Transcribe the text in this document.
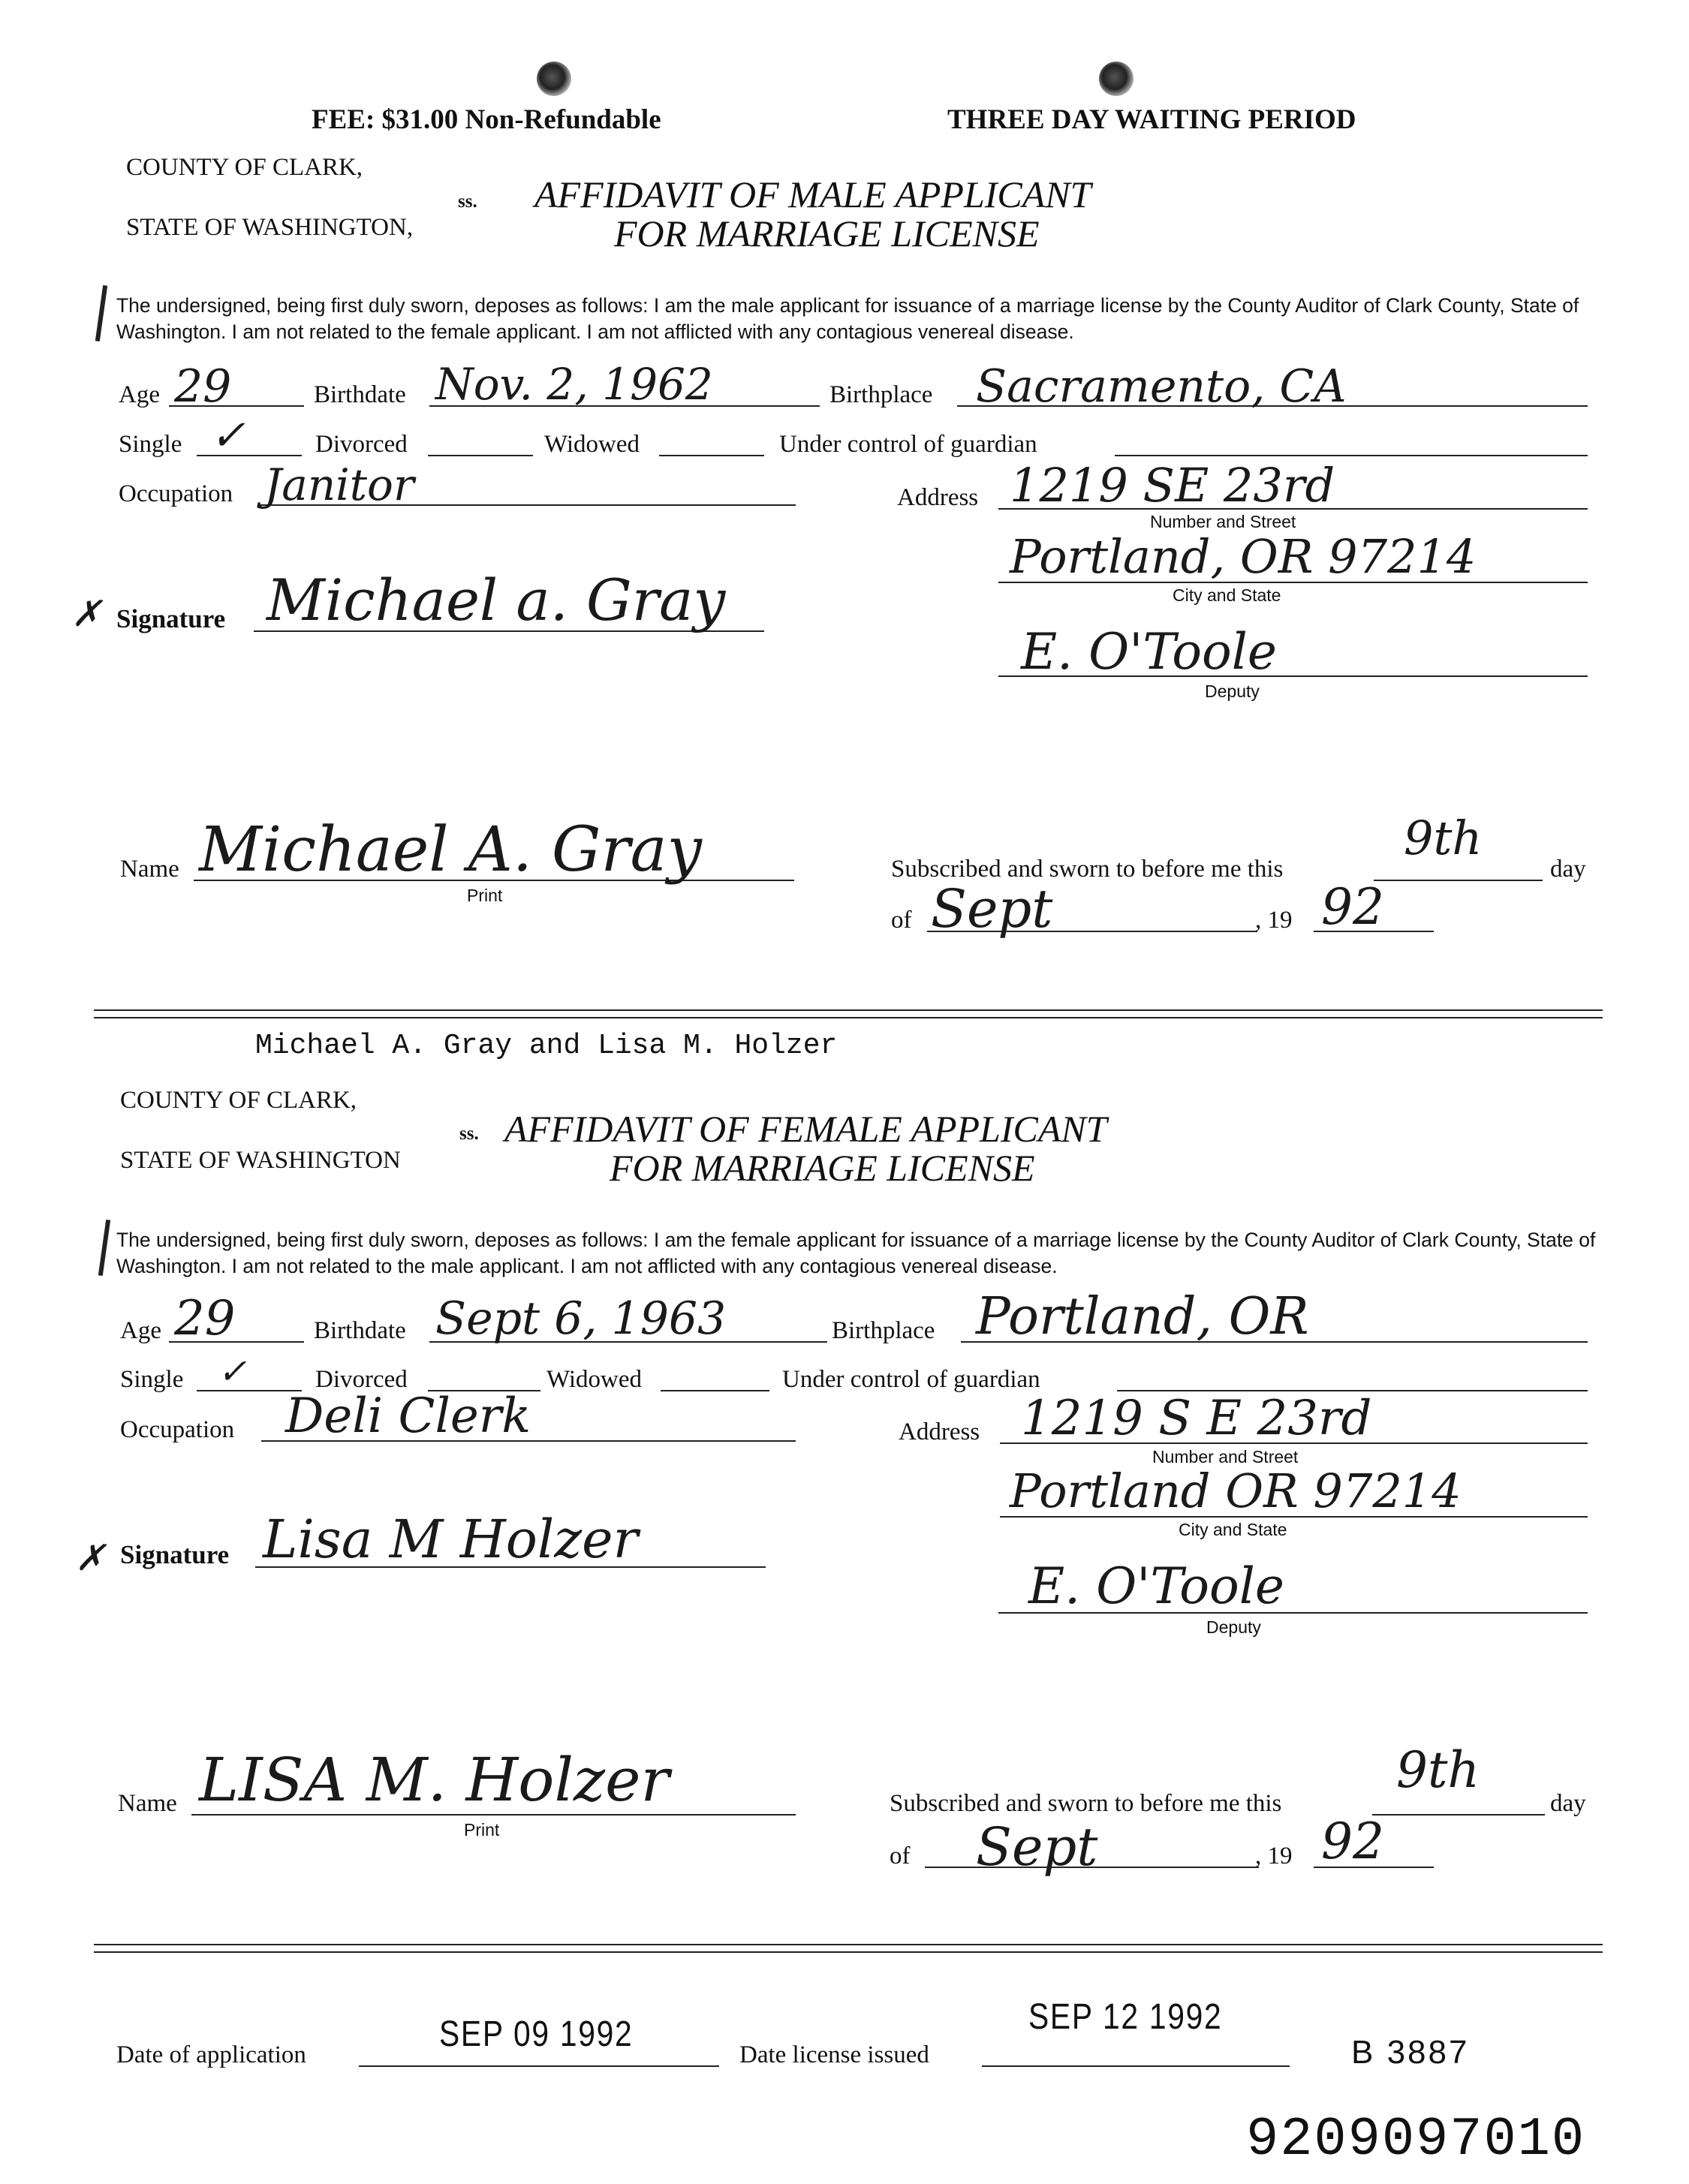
FEE: $31.00 Non-Refundable	THREE DAY WAITING PERIOD
COUNTY OF CLARK,
STATE OF WASHINGTON,
ss. AFFIDAVIT OF MALE APPLICANT
FOR MARRIAGE LICENSE
The undersigned, being first duly sworn, deposes as follows: I am the male applicant for issuance of a marriage license by the County Auditor of Clark County, State of Washington. I am not related to the female applicant. I am not afflicted with any contagious venereal disease.
Age 29	Birthdate Nov. 2, 1962	Birthplace Sacramento, CA
Single ✓	Divorced	Widowed	Under control of guardian
Occupation Janitor	Address 1219 SE 23rd
Number and Street
Portland, OR 97214
City and State
✗ Signature Michael a. Gray
E. O'Toole
Deputy
Name Michael A. Gray
Print
Subscribed and sworn to before me this
9th
day
of Sept	, 19 92
Michael A. Gray and Lisa M. Holzer
COUNTY OF CLARK,
STATE OF WASHINGTON
ss. AFFIDAVIT OF FEMALE APPLICANT
FOR MARRIAGE LICENSE
The undersigned, being first duly sworn, deposes as follows: I am the female applicant for issuance of a marriage license by the County Auditor of Clark County, State of Washington. I am not related to the male applicant. I am not afflicted with any contagious venereal disease.
Age 29	Birthdate Sept 6, 1963	Birthplace Portland, OR
Single ✓	Divorced	Widowed	Under control of guardian
Occupation Deli Clerk	Address 1219 S E 23rd
Number and Street
Portland OR 97214
City and State
✗ Signature Lisa M Holzer
E. O'Toole
Deputy
Name LISA M. Holzer
Print
Subscribed and sworn to before me this
9th
day
of Sept	, 19 92
Date of application
SEP 09 1992
Date license issued
SEP 12 1992
B 3887
9209097010
